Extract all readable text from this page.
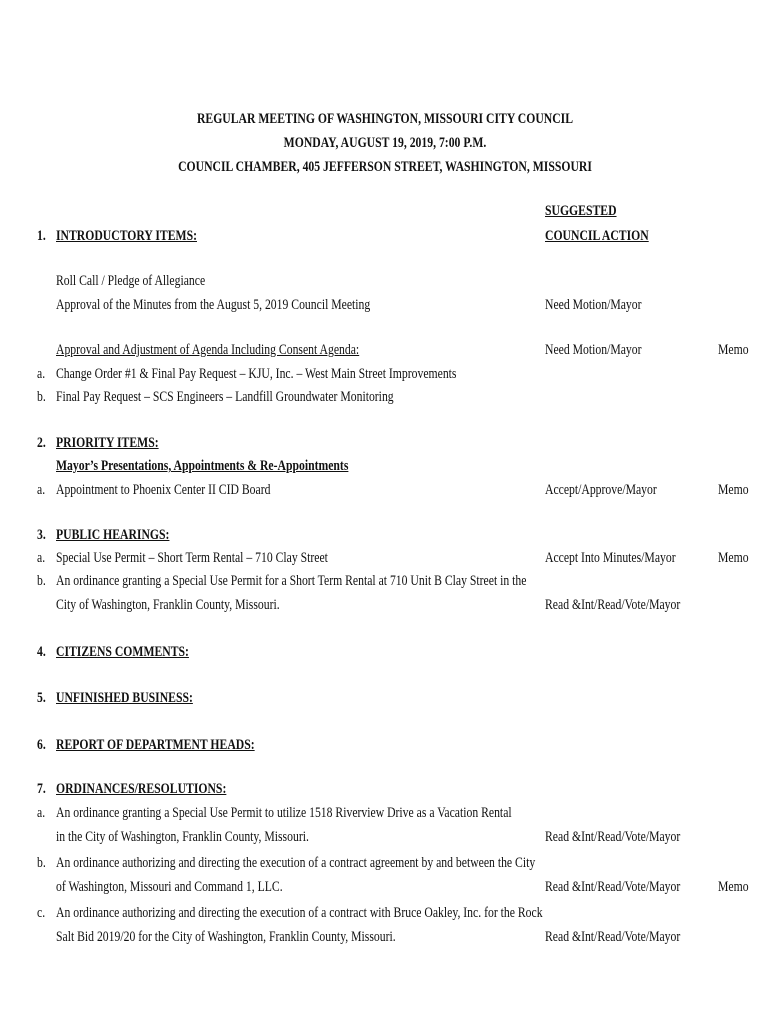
REGULAR MEETING OF WASHINGTON, MISSOURI CITY COUNCIL
MONDAY, AUGUST 19, 2019, 7:00 P.M.
COUNCIL CHAMBER, 405 JEFFERSON STREET, WASHINGTON, MISSOURI
SUGGESTED
COUNCIL ACTION
1. INTRODUCTORY ITEMS:
Roll Call / Pledge of Allegiance
Approval of the Minutes from the August 5, 2019 Council Meeting	Need Motion/Mayor
Approval and Adjustment of Agenda Including Consent Agenda:	Need Motion/Mayor	Memo
a. Change Order #1 & Final Pay Request – KJU, Inc. – West Main Street Improvements
b. Final Pay Request – SCS Engineers – Landfill Groundwater Monitoring
2. PRIORITY ITEMS:
Mayor’s Presentations, Appointments & Re-Appointments
a. Appointment to Phoenix Center II CID Board	Accept/Approve/Mayor	Memo
3. PUBLIC HEARINGS:
a. Special Use Permit – Short Term Rental – 710 Clay Street	Accept Into Minutes/Mayor	Memo
b. An ordinance granting a Special Use Permit for a Short Term Rental at 710 Unit B Clay Street in the
City of Washington, Franklin County, Missouri.	Read &Int/Read/Vote/Mayor
4. CITIZENS COMMENTS:
5. UNFINISHED BUSINESS:
6. REPORT OF DEPARTMENT HEADS:
7. ORDINANCES/RESOLUTIONS:
a. An ordinance granting a Special Use Permit to utilize 1518 Riverview Drive as a Vacation Rental
in the City of Washington, Franklin County, Missouri.	Read &Int/Read/Vote/Mayor
b. An ordinance authorizing and directing the execution of a contract agreement by and between the City
of Washington, Missouri and Command 1, LLC.	Read &Int/Read/Vote/Mayor	Memo
c. An ordinance authorizing and directing the execution of a contract with Bruce Oakley, Inc. for the Rock
Salt Bid 2019/20 for the City of Washington, Franklin County, Missouri.	Read &Int/Read/Vote/Mayor
